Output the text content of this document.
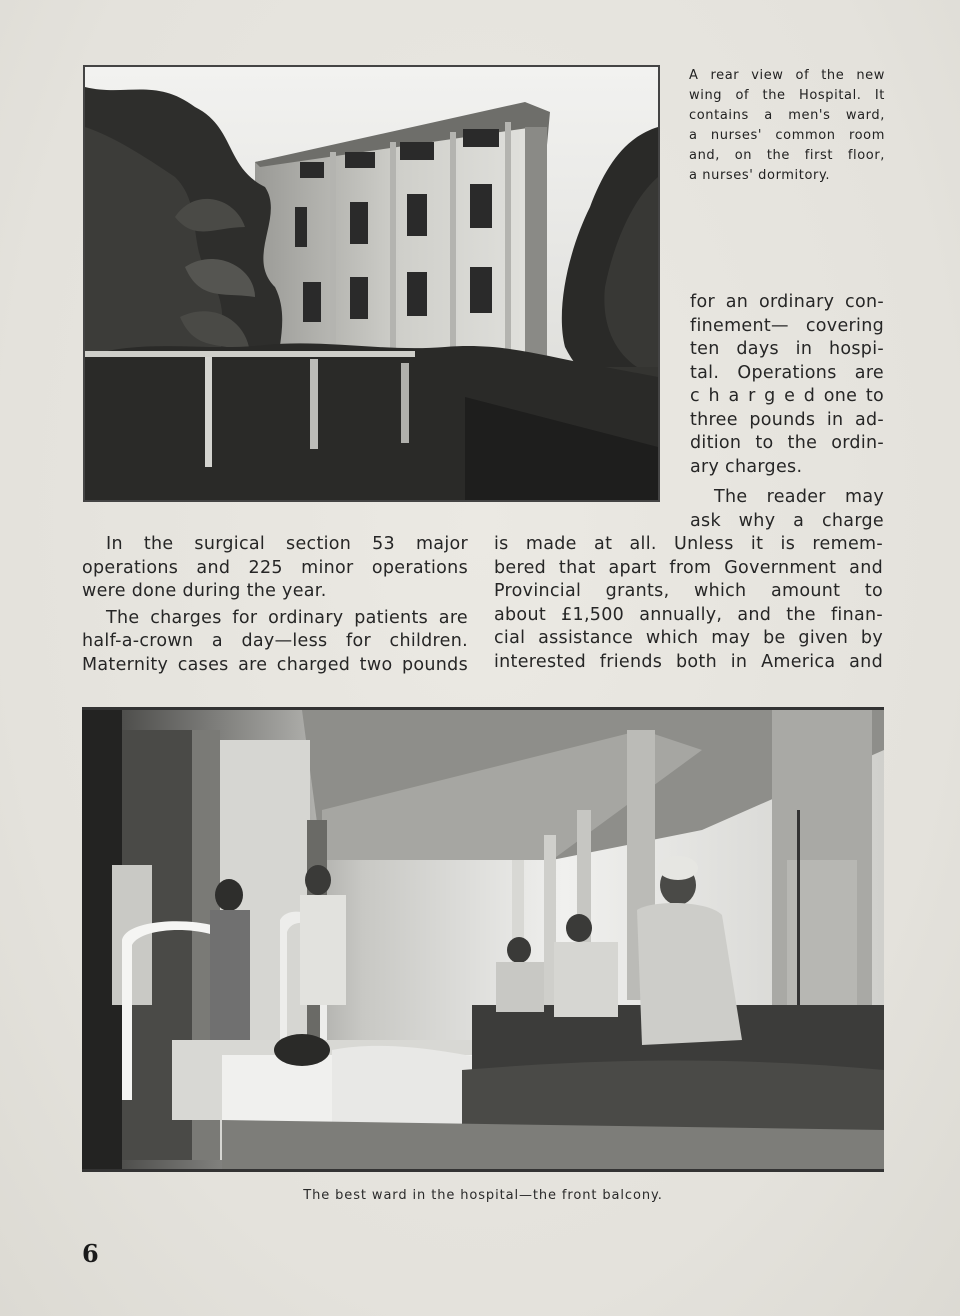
A rear view of the new
wing of the Hospital. It
contains a men's ward,
a nurses' common room
and, on the first floor,
a nurses' dormitory.
for an ordinary con-
finement— covering
ten days in hospi-
tal. Operations are
c h a r g e d one to
three pounds in ad-
dition to the ordin-
ary charges.
The reader may
ask why a charge
In the surgical section 53 major
operations and 225 minor operations
were done during the year.
The charges for ordinary patients are
half-a-crown a day—less for children.
Maternity cases are charged two pounds
is made at all. Unless it is remem-
bered that apart from Government and
Provincial grants, which amount to
about £1,500 annually, and the finan-
cial assistance which may be given by
interested friends both in America and
The best ward in the hospital—the front balcony.
6
